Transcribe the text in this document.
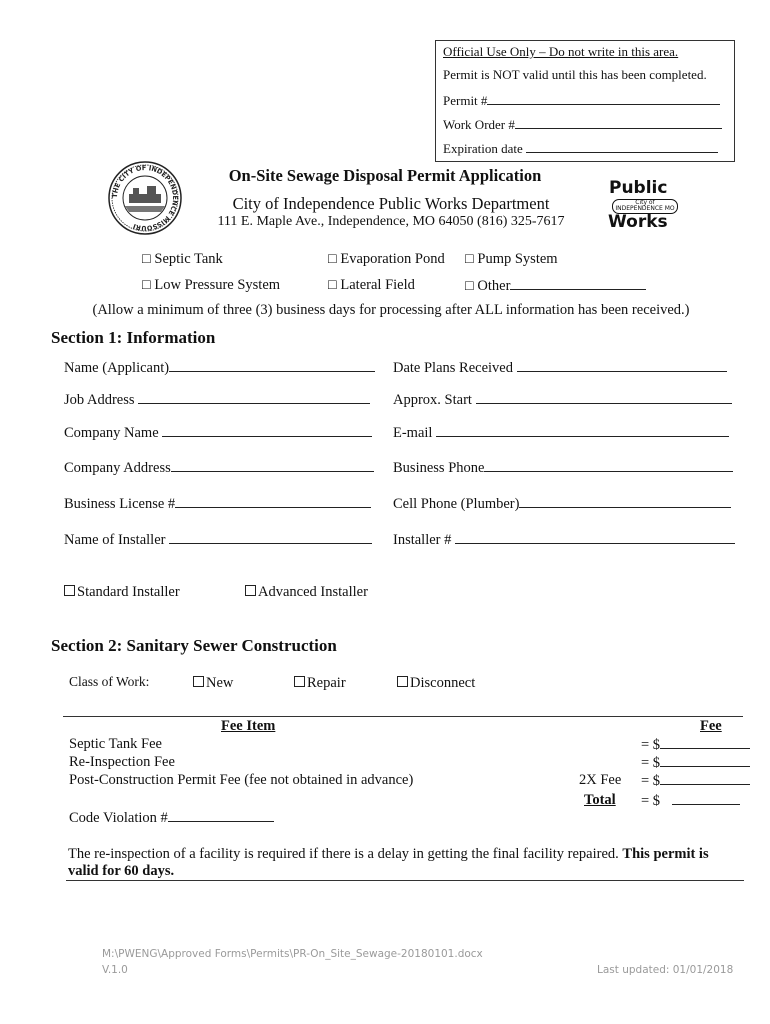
Official Use Only – Do not write in this area.
Permit is NOT valid until this has been completed.
Permit #
Work Order #
Expiration date
THE CITY OF INDEPENDENCE MISSOURI
On-Site Sewage Disposal Permit Application
City of Independence Public Works Department
111 E. Maple Ave., Independence, MO 64050 (816) 325-7617
Public
City of INDEPENDENCE MO
Works
□ Septic Tank	□ Evaporation Pond □ Pump System
□ Low Pressure System	□ Lateral Field	□ Other
(Allow a minimum of three (3) business days for processing after ALL information has been received.)
Section 1: Information
Name (Applicant)	Date Plans Received
Job Address	Approx. Start
Company Name	E-mail
Company Address	Business Phone
Business License #	Cell Phone (Plumber)
Name of Installer	Installer #
Standard Installer	Advanced Installer
Section 2: Sanitary Sewer Construction
Class of Work:	New	Repair	Disconnect
Fee Item	Fee
Septic Tank Fee	= $
Re-Inspection Fee	= $
Post-Construction Permit Fee (fee not obtained in advance)	2X Fee = $
Total = $
Code Violation #
The re-inspection of a facility is required if there is a delay in getting the final facility repaired. This permit is
valid for 60 days.
M:\PWENG\Approved Forms\Permits\PR-On_Site_Sewage-20180101.docx
V.1.0	Last updated: 01/01/2018
